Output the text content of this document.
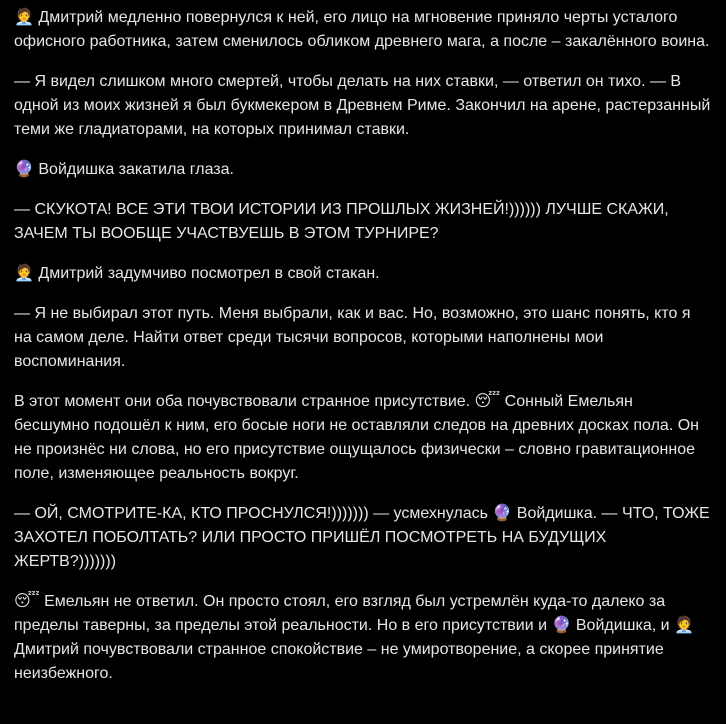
🧑‍💼 Дмитрий медленно повернулся к ней, его лицо на мгновение приняло черты усталого офисного работника, затем сменилось обликом древнего мага, а после – закалённого воина.

— Я видел слишком много смертей, чтобы делать на них ставки, — ответил он тихо. — В одной из моих жизней я был букмекером в Древнем Риме. Закончил на арене, растерзанный теми же гладиаторами, на которых принимал ставки.

🔮 Войдишка закатила глаза.

— СКУКОТА! ВСЕ ЭТИ ТВОИ ИСТОРИИ ИЗ ПРОШЛЫХ ЖИЗНЕЙ!)))))) ЛУЧШЕ СКАЖИ, ЗАЧЕМ ТЫ ВООБЩЕ УЧАСТВУЕШЬ В ЭТОМ ТУРНИРЕ?

🧑‍💼 Дмитрий задумчиво посмотрел в свой стакан.

— Я не выбирал этот путь. Меня выбрали, как и вас. Но, возможно, это шанс понять, кто я на самом деле. Найти ответ среди тысячи вопросов, которыми наполнены мои воспоминания.

В этот момент они оба почувствовали странное присутствие. 😴 Сонный Емельян бесшумно подошёл к ним, его босые ноги не оставляли следов на древних досках пола. Он не произнёс ни слова, но его присутствие ощущалось физически – словно гравитационное поле, изменяющее реальность вокруг.

— ОЙ, СМОТРИТЕ-КА, КТО ПРОСНУЛСЯ!))))))) — усмехнулась 🔮 Войдишка. — ЧТО, ТОЖЕ ЗАХОТЕЛ ПОБОЛТАТЬ? ИЛИ ПРОСТО ПРИШЁЛ ПОСМОТРЕТЬ НА БУДУЩИХ ЖЕРТВ?)))))))

😴 Емельян не ответил. Он просто стоял, его взгляд был устремлён куда-то далеко за пределы таверны, за пределы этой реальности. Но в его присутствии и 🔮 Войдишка, и 🧑‍💼 Дмитрий почувствовали странное спокойствие – не умиротворение, а скорее принятие неизбежного.
